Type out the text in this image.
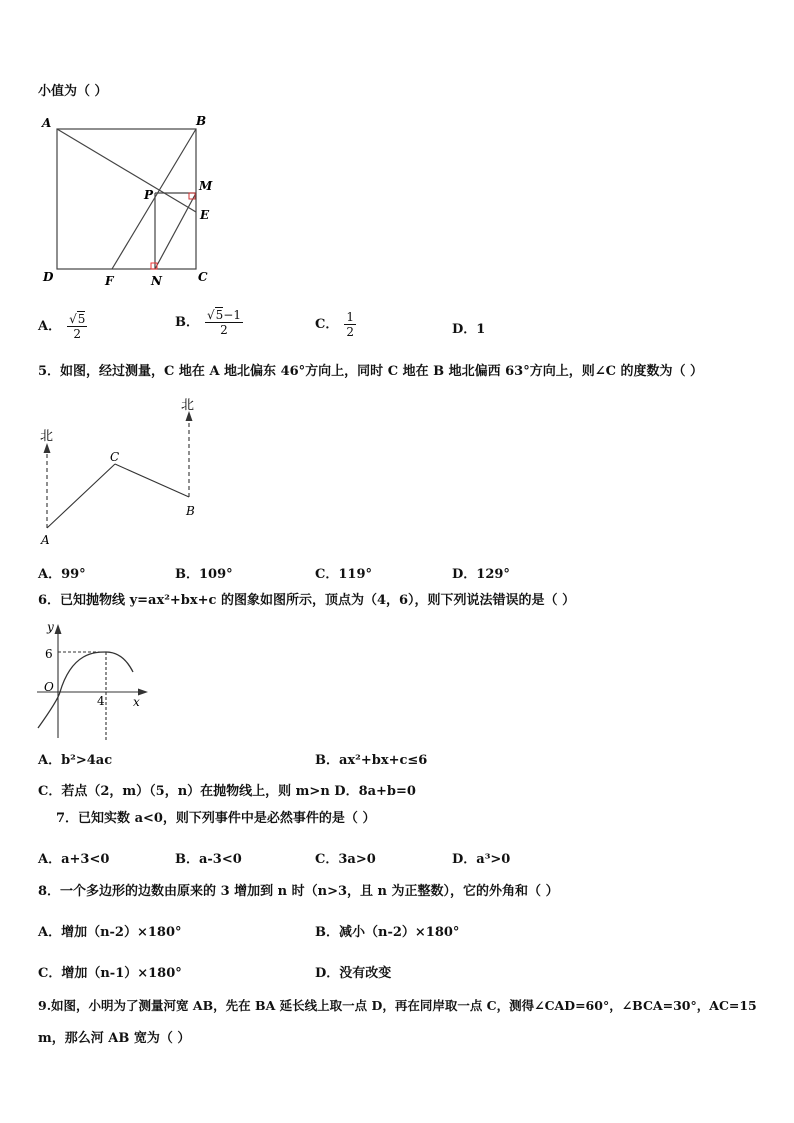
小值为（ ）
A	B
C
D
E
F
M
N
P
A． $\frac{√5}{2}$	B． $\frac{√5-1}{2}$	C． $\frac{1}{2}$	D．1
5．如图，经过测量，C 地在 A 地北偏东 46°方向上，同时 C 地在 B 地北偏西 63°方向上，则∠C 的度数为（ ）
北
北
A
B
C
A．99°	B．109°	C．119°	D．129°
6．已知抛物线 y=ax²+bx+c 的图象如图所示，顶点为（4，6），则下列说法错误的是（ ）
y
x
O
6
4
A．b²>4ac	B．ax²+bx+c≤6
C．若点（2，m）（5，n）在抛物线上，则 m>n D．8a+b=0
7．已知实数 a<0，则下列事件中是必然事件的是（ ）
A．a+3<0	B．a-3<0	C．3a>0	D．a³>0
8．一个多边形的边数由原来的 3 增加到 n 时（n>3，且 n 为正整数），它的外角和（ ）
A．增加（n-2）×180°	B．减小（n-2）×180°
C．增加（n-1）×180°	D．没有改变
9.如图，小明为了测量河宽 AB，先在 BA 延长线上取一点 D，再在同岸取一点 C，测得∠CAD=60°，∠BCA=30°，AC=15
m，那么河 AB 宽为（ ）
